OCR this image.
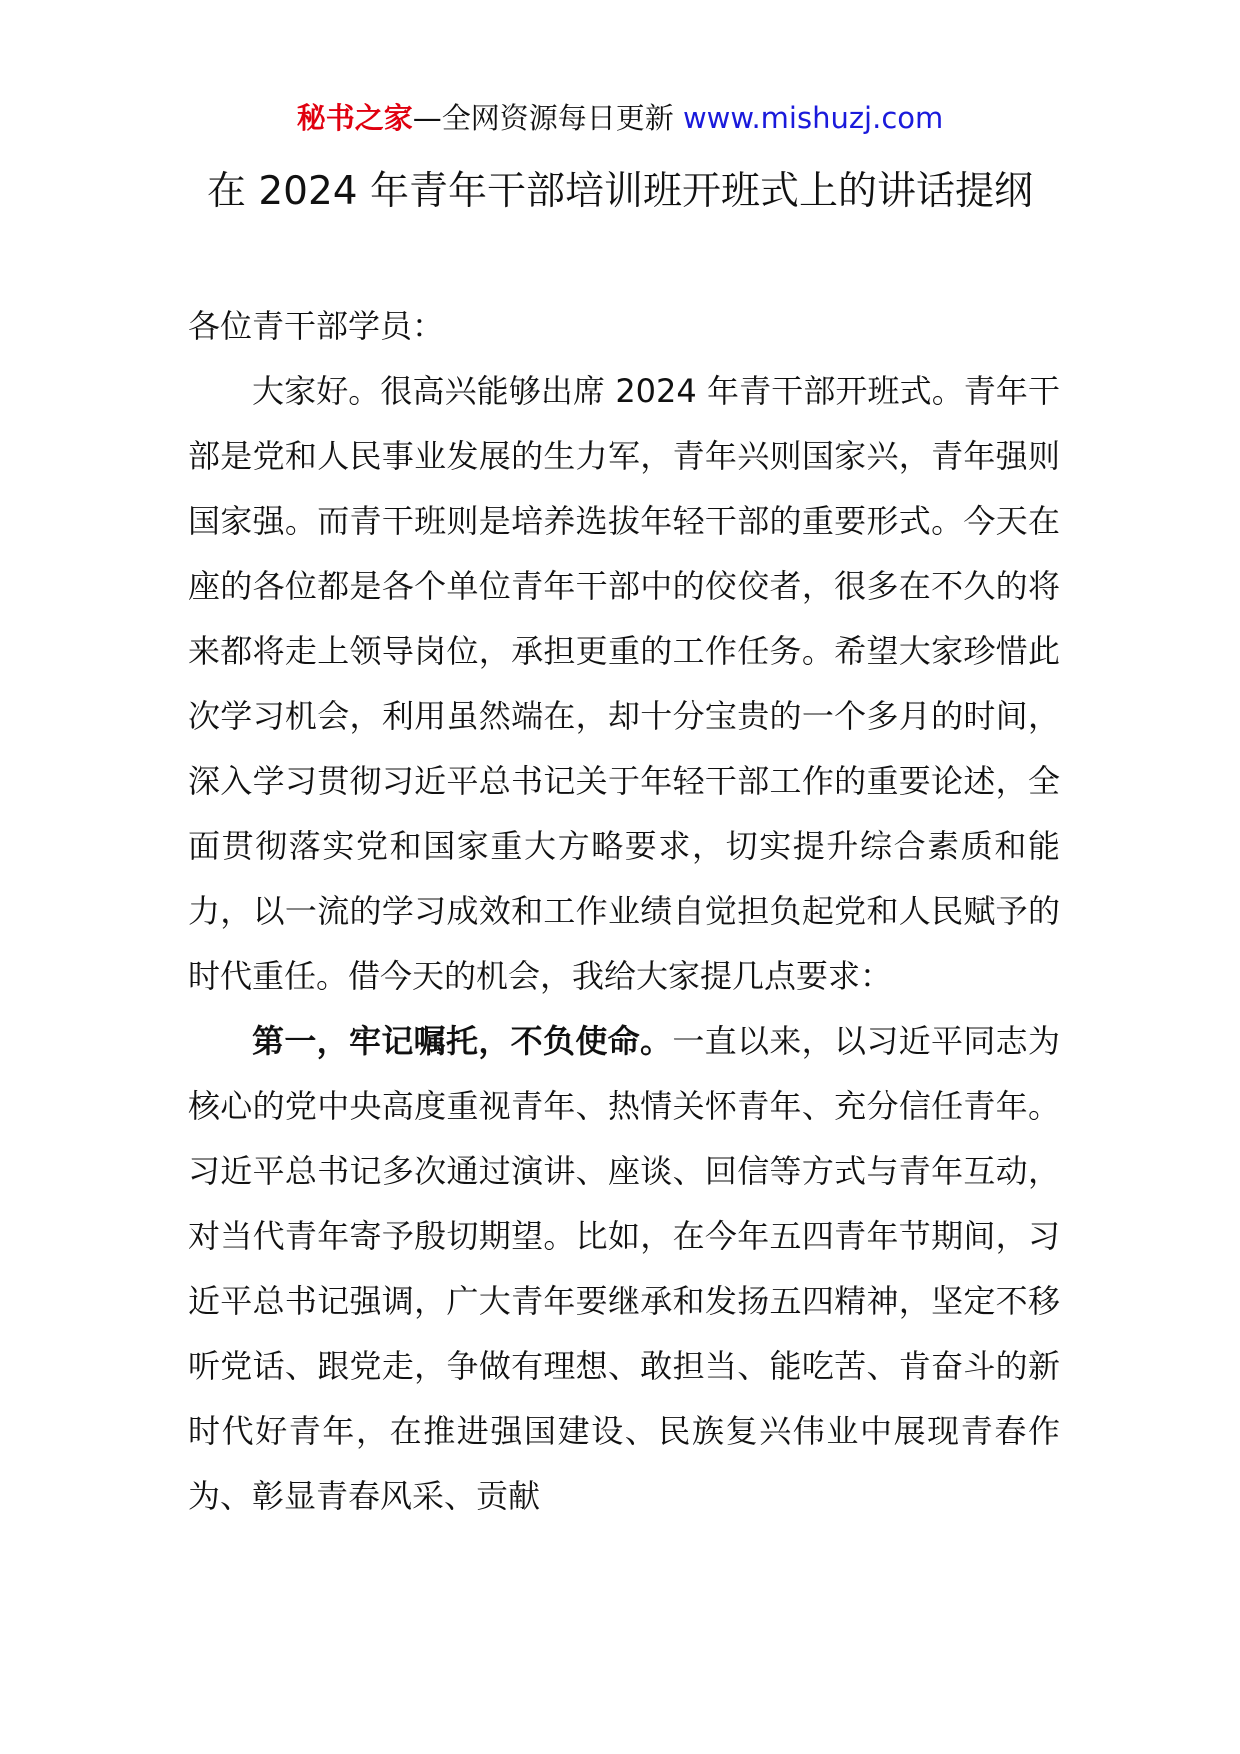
秘书之家—全网资源每日更新 www.mishuzj.com
在 2024 年青年干部培训班开班式上的讲话提纲

各位青干部学员：

大家好。很高兴能够出席 2024 年青干部开班式。青年干部是党和人民事业发展的生力军，青年兴则国家兴，青年强则国家强。而青干班则是培养选拔年轻干部的重要形式。今天在座的各位都是各个单位青年干部中的佼佼者，很多在不久的将来都将走上领导岗位，承担更重的工作任务。希望大家珍惜此次学习机会，利用虽然端在，却十分宝贵的一个多月的时间，深入学习贯彻习近平总书记关于年轻干部工作的重要论述，全面贯彻落实党和国家重大方略要求，切实提升综合素质和能力，以一流的学习成效和工作业绩自觉担负起党和人民赋予的时代重任。借今天的机会，我给大家提几点要求：

第一，牢记嘱托，不负使命。一直以来，以习近平同志为核心的党中央高度重视青年、热情关怀青年、充分信任青年。习近平总书记多次通过演讲、座谈、回信等方式与青年互动，对当代青年寄予殷切期望。比如，在今年五四青年节期间，习近平总书记强调，广大青年要继承和发扬五四精神，坚定不移听党话、跟党走，争做有理想、敢担当、能吃苦、肯奋斗的新时代好青年，在推进强国建设、民族复兴伟业中展现青春作为、彰显青春风采、贡献
